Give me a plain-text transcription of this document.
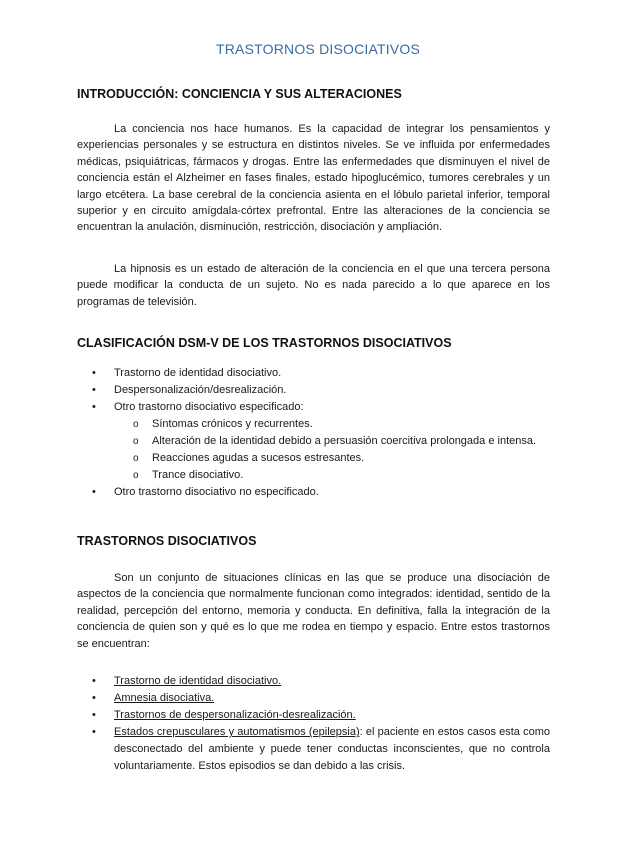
TRASTORNOS DISOCIATIVOS
INTRODUCCIÓN: CONCIENCIA Y SUS ALTERACIONES

La conciencia nos hace humanos. Es la capacidad de integrar los pensamientos y experiencias personales y se estructura en distintos niveles. Se ve influida por enfermedades médicas, psiquiátricas, fármacos y drogas. Entre las enfermedades que disminuyen el nivel de conciencia están el Alzheimer en fases finales, estado hipoglucémico, tumores cerebrales y un largo etcétera. La base cerebral de la conciencia asienta en el lóbulo parietal inferior, temporal superior y en circuito amígdala-córtex prefrontal. Entre las alteraciones de la conciencia se encuentran la anulación, disminución, restricción, disociación y ampliación.

La hipnosis es un estado de alteración de la conciencia en el que una tercera persona puede modificar la conducta de un sujeto. No es nada parecido a lo que aparece en los programas de televisión.

CLASIFICACIÓN DSM-V DE LOS TRASTORNOS DISOCIATIVOS
• Trastorno de identidad disociativo.
• Despersonalización/desrealización.
• Otro trastorno disociativo especificado:
o Síntomas crónicos y recurrentes.
o Alteración de la identidad debido a persuasión coercitiva prolongada e intensa.
o Reacciones agudas a sucesos estresantes.
o Trance disociativo.
• Otro trastorno disociativo no especificado.
TRASTORNOS DISOCIATIVOS

Son un conjunto de situaciones clínicas en las que se produce una disociación de aspectos de la conciencia que normalmente funcionan como integrados: identidad, sentido de la realidad, percepción del entorno, memoria y conducta. En definitiva, falla la integración de la conciencia de quien son y qué es lo que me rodea en tiempo y espacio. Entre estos trastornos se encuentran:

• Trastorno de identidad disociativo.
• Amnesia disociativa.
• Trastornos de despersonalización-desrealización.
• Estados crepusculares y automatismos (epilepsia): el paciente en estos casos esta como desconectado del ambiente y puede tener conductas inconscientes, que no controla voluntariamente. Estos episodios se dan debido a las crisis.
